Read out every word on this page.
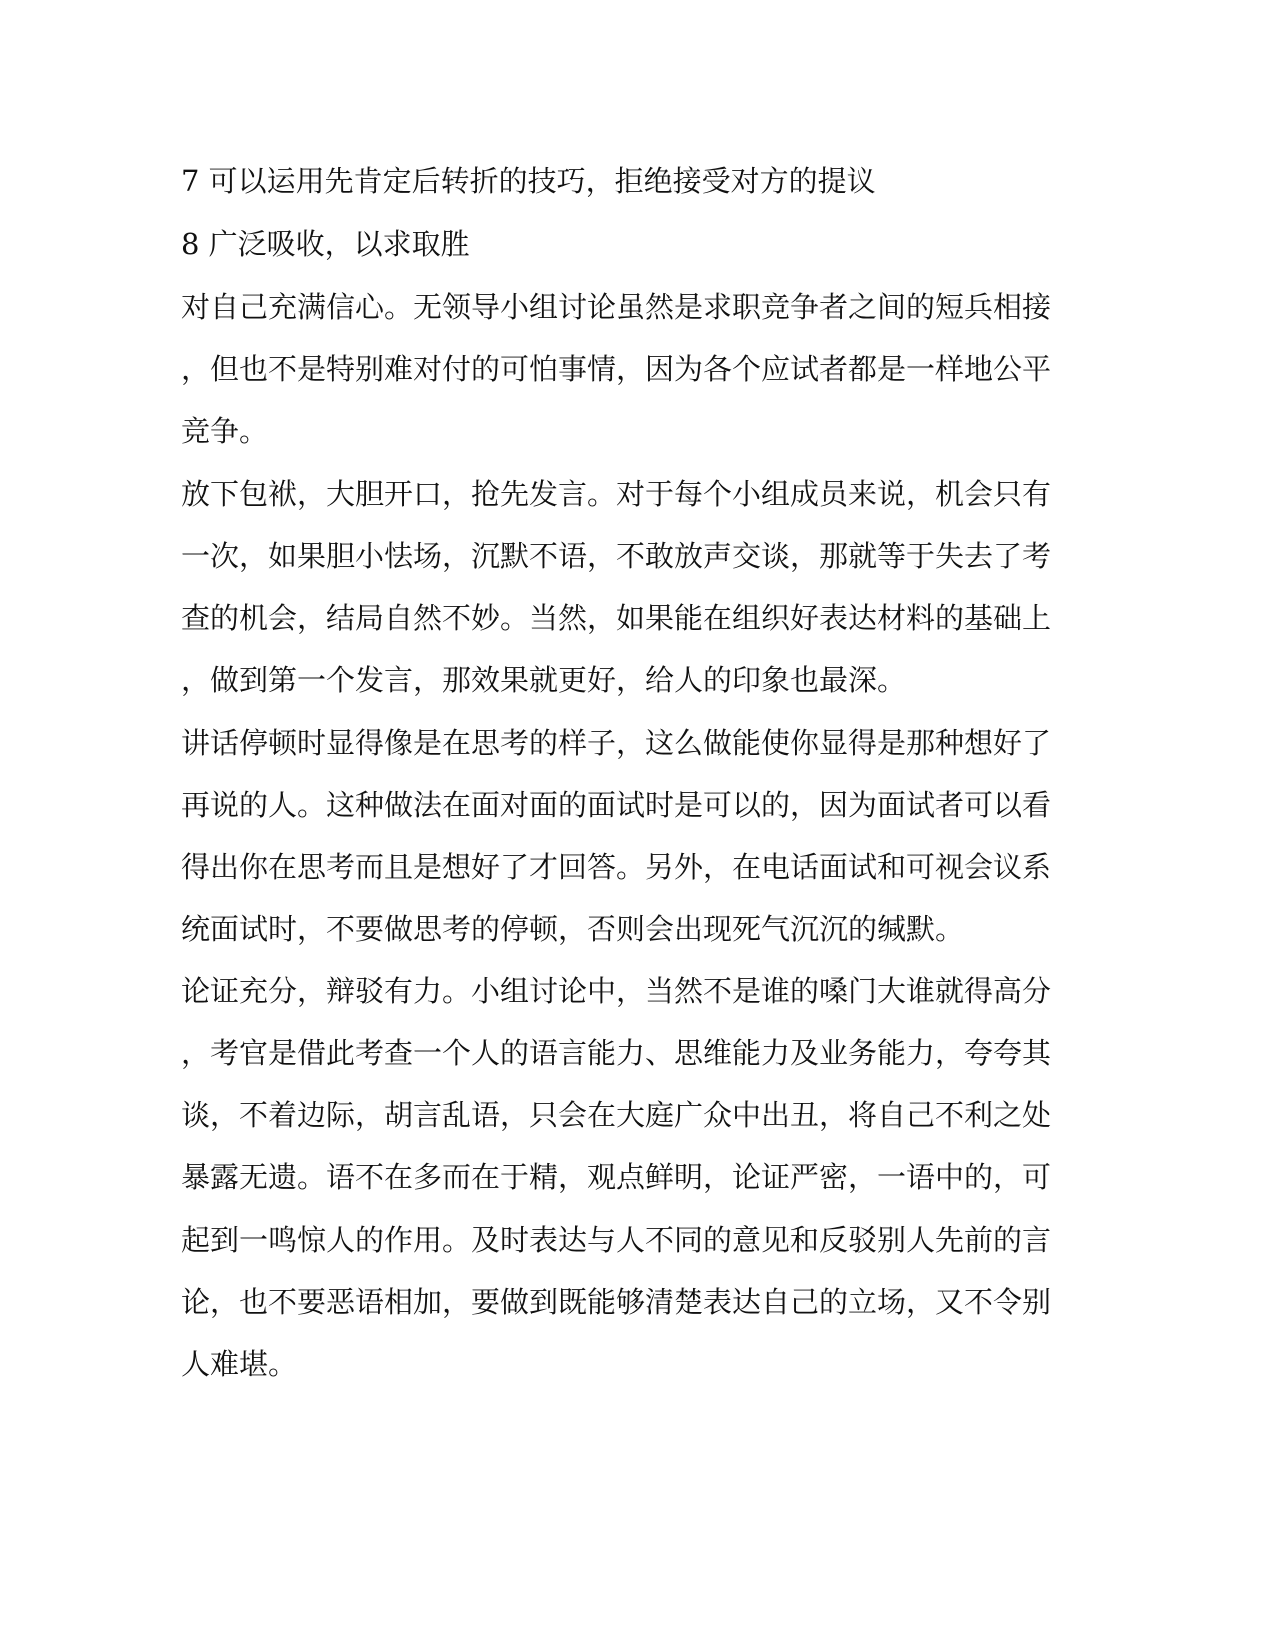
7 可以运用先肯定后转折的技巧，拒绝接受对方的提议
8 广泛吸收，以求取胜
对自己充满信心。无领导小组讨论虽然是求职竞争者之间的短兵相接
，但也不是特别难对付的可怕事情，因为各个应试者都是一样地公平
竞争。
放下包袱，大胆开口，抢先发言。对于每个小组成员来说，机会只有
一次，如果胆小怯场，沉默不语，不敢放声交谈，那就等于失去了考
查的机会，结局自然不妙。当然，如果能在组织好表达材料的基础上
，做到第一个发言，那效果就更好，给人的印象也最深。
讲话停顿时显得像是在思考的样子，这么做能使你显得是那种想好了
再说的人。这种做法在面对面的面试时是可以的，因为面试者可以看
得出你在思考而且是想好了才回答。另外，在电话面试和可视会议系
统面试时，不要做思考的停顿，否则会出现死气沉沉的缄默。
论证充分，辩驳有力。小组讨论中，当然不是谁的嗓门大谁就得高分
，考官是借此考查一个人的语言能力、思维能力及业务能力，夸夸其
谈，不着边际，胡言乱语，只会在大庭广众中出丑，将自己不利之处
暴露无遗。语不在多而在于精，观点鲜明，论证严密，一语中的，可
起到一鸣惊人的作用。及时表达与人不同的意见和反驳别人先前的言
论，也不要恶语相加，要做到既能够清楚表达自己的立场，又不令别
人难堪。
